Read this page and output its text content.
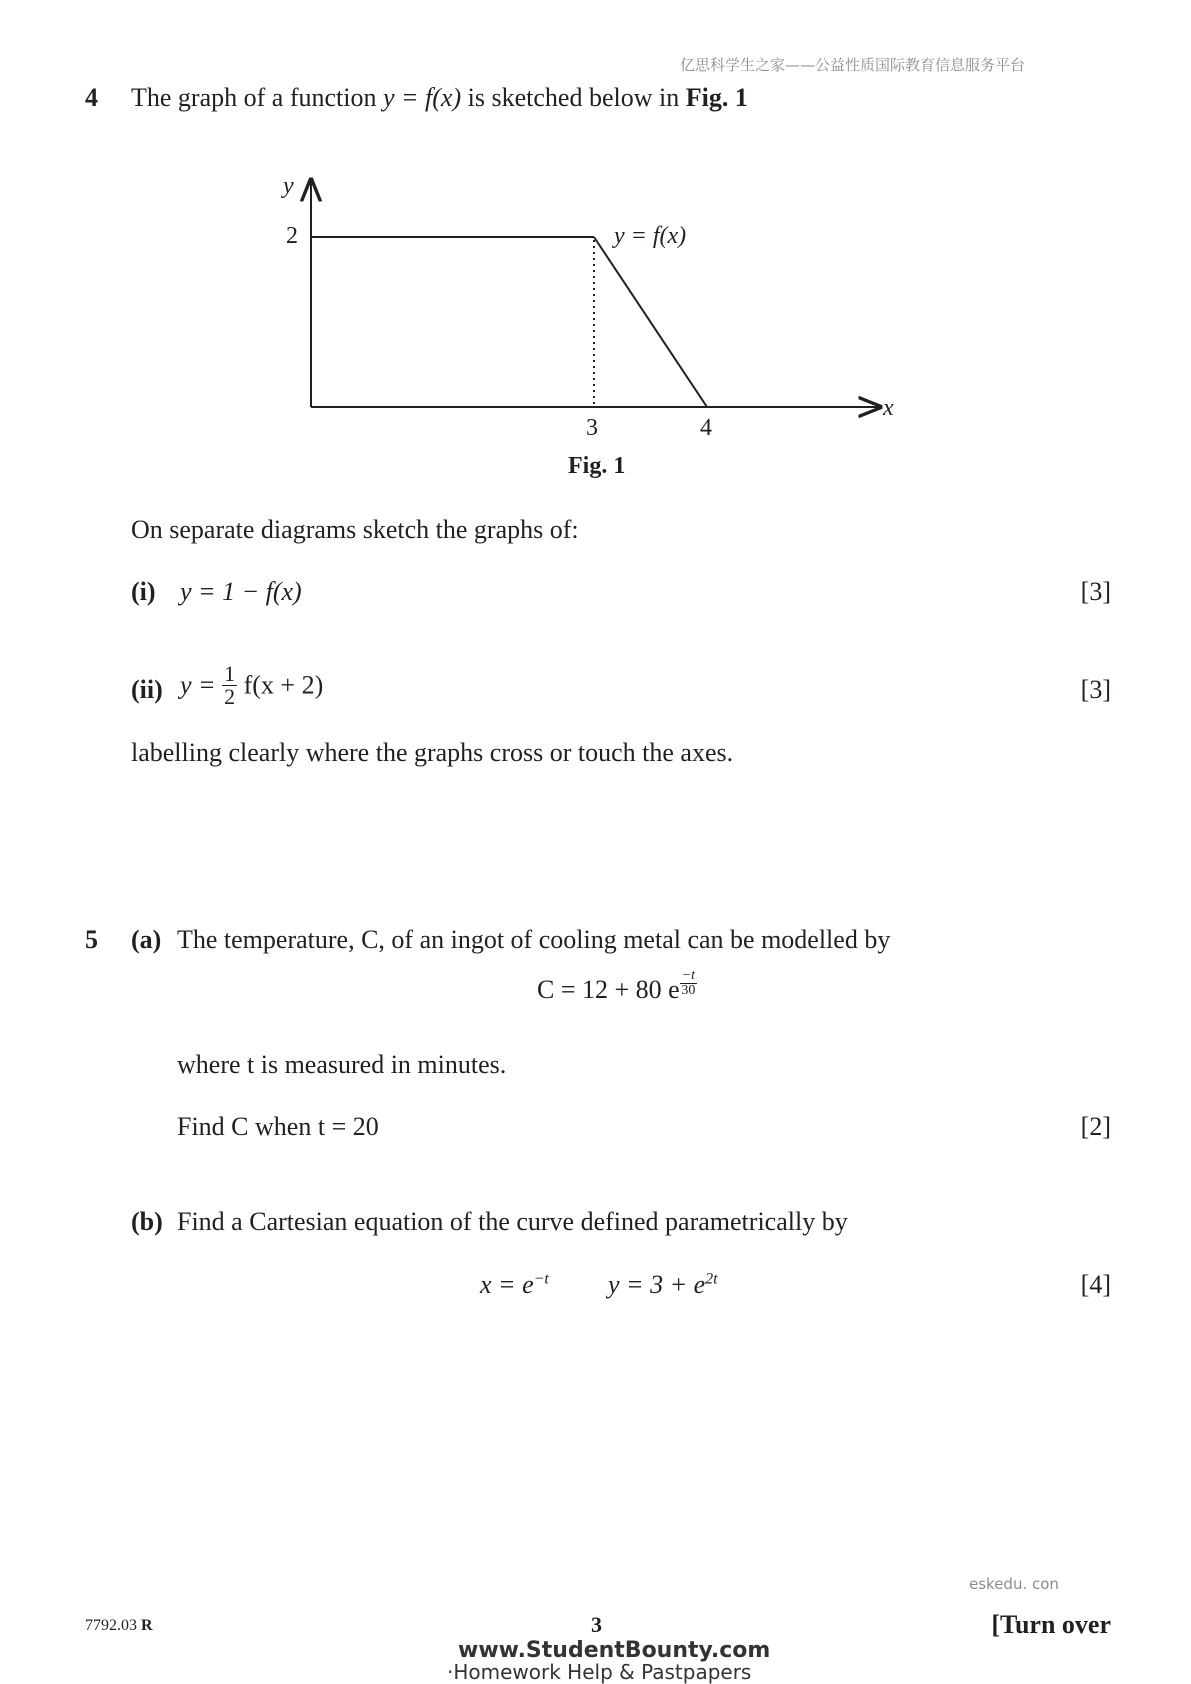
亿思科学生之家——公益性质国际教育信息服务平台
4 The graph of a function y = f(x) is sketched below in Fig. 1
y
2	y = f(x)
3	4
x
Fig. 1
On separate diagrams sketch the graphs of:
(i) y = 1 − f(x)	[3]
(ii) $y = \frac{1}{2} f(x + 2)$	[3]
labelling clearly where the graphs cross or touch the axes.
5 (a) The temperature, C, of an ingot of cooling metal can be modelled by
C = 12 + 80 e $\frac{-t}{30}$
where t is measured in minutes.
Find C when t = 20	[2]
(b) Find a Cartesian equation of the curve defined parametrically by
$x = e^{-t}$ $y = 3 + e^{2t}$	[4]
eskedu. con
7792.03 R	3	[Turn over
www.StudentBounty.com
·Homework Help & Pastpapers
